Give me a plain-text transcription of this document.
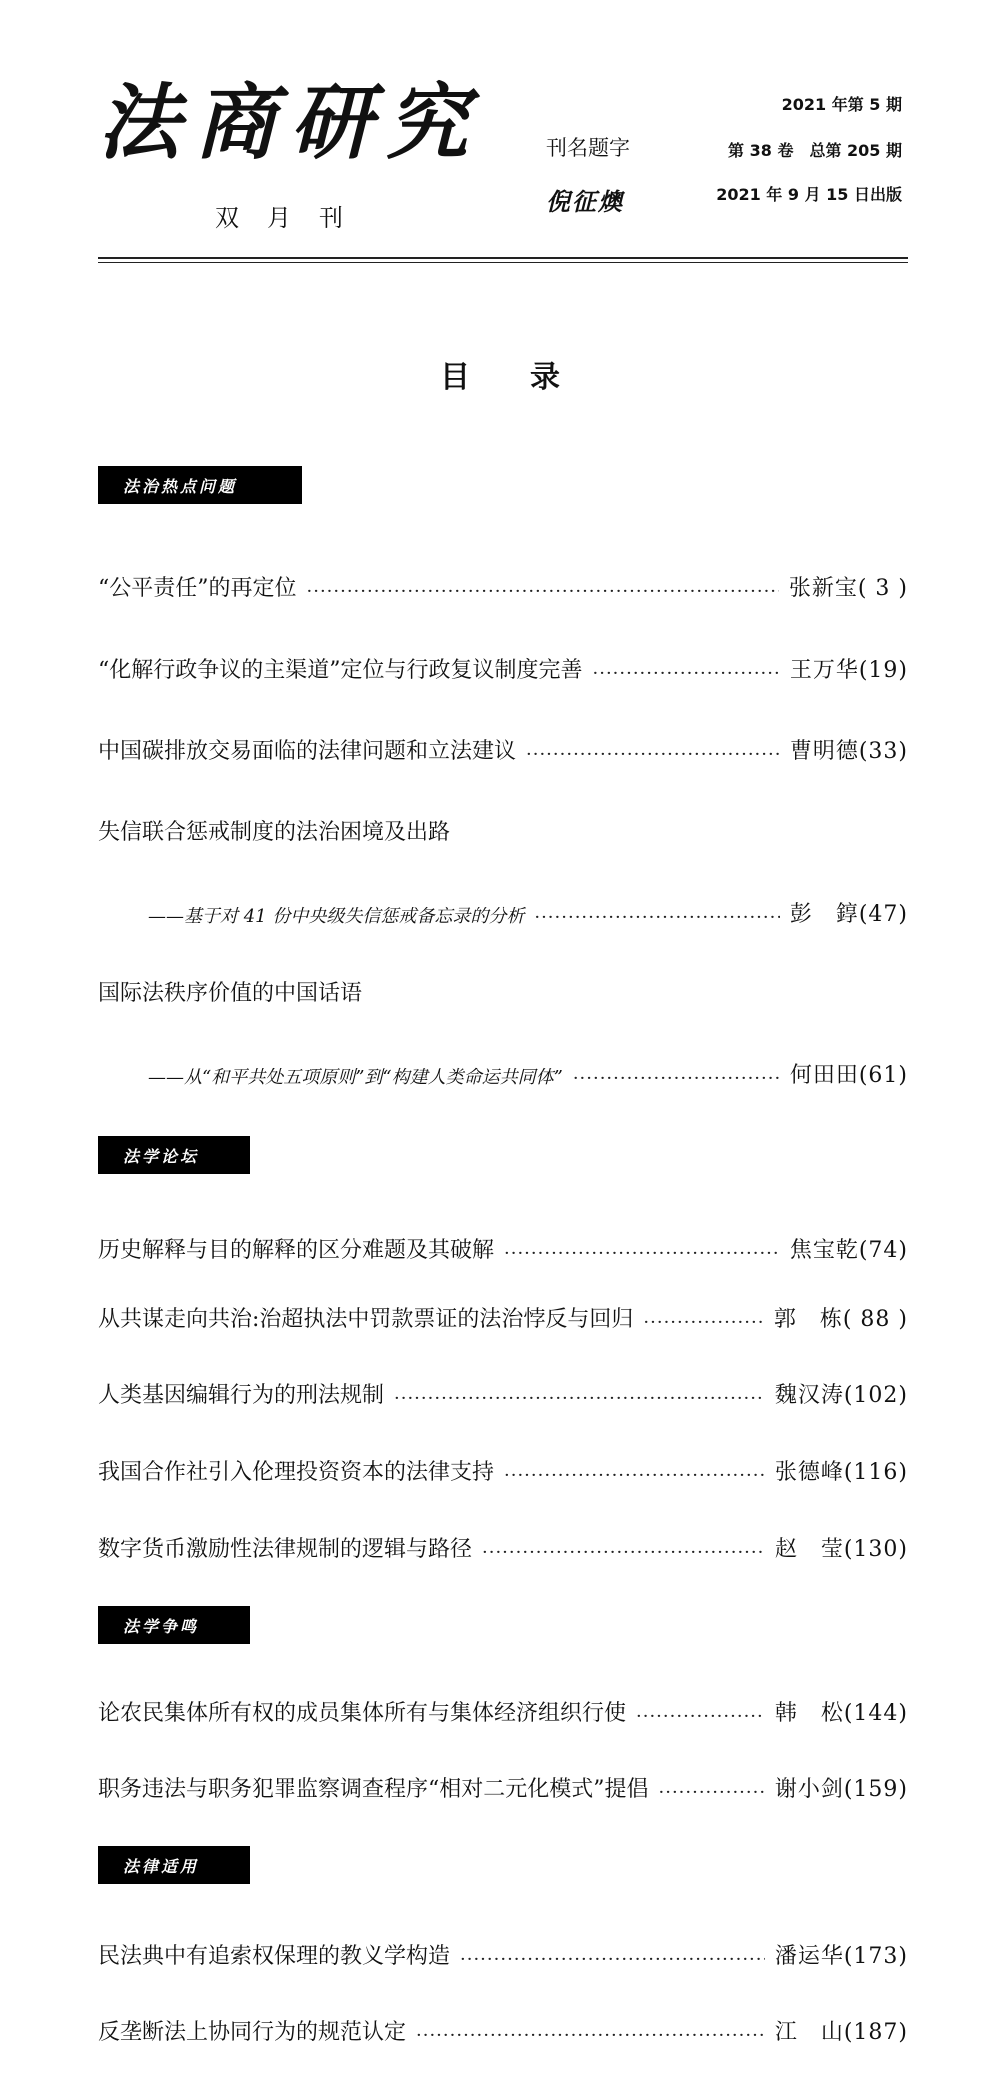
法商研究
双月刊
刊名题字
倪征燠
2021 年第 5 期
第 38 卷　总第 205 期
2021 年 9 月 15 日出版
目录
法治热点问题
“公平责任”的再定位 ·····	张新宝( 3 )
“化解行政争议的主渠道”定位与行政复议制度完善 ·····	王万华(19)
中国碳排放交易面临的法律问题和立法建议 ·····	曹明德(33)
失信联合惩戒制度的法治困境及出路
——基于对 41 份中央级失信惩戒备忘录的分析 ·····	彭　錞(47)
国际法秩序价值的中国话语
——从“和平共处五项原则”到“构建人类命运共同体” ·····	何田田(61)
法学论坛
历史解释与目的解释的区分难题及其破解 ·····	焦宝乾(74)
从共谋走向共治:治超执法中罚款票证的法治悖反与回归 ·····	郭　栋( 88 )
人类基因编辑行为的刑法规制 ·····	魏汉涛(102)
我国合作社引入伦理投资资本的法律支持 ·····	张德峰(116)
数字货币激励性法律规制的逻辑与路径 ·····	赵　莹(130)
法学争鸣
论农民集体所有权的成员集体所有与集体经济组织行使 ·····	韩　松(144)
职务违法与职务犯罪监察调查程序“相对二元化模式”提倡 ·····	谢小剑(159)
法律适用
民法典中有追索权保理的教义学构造 ·····	潘运华(173)
反垄断法上协同行为的规范认定 ·····	江　山(187)
